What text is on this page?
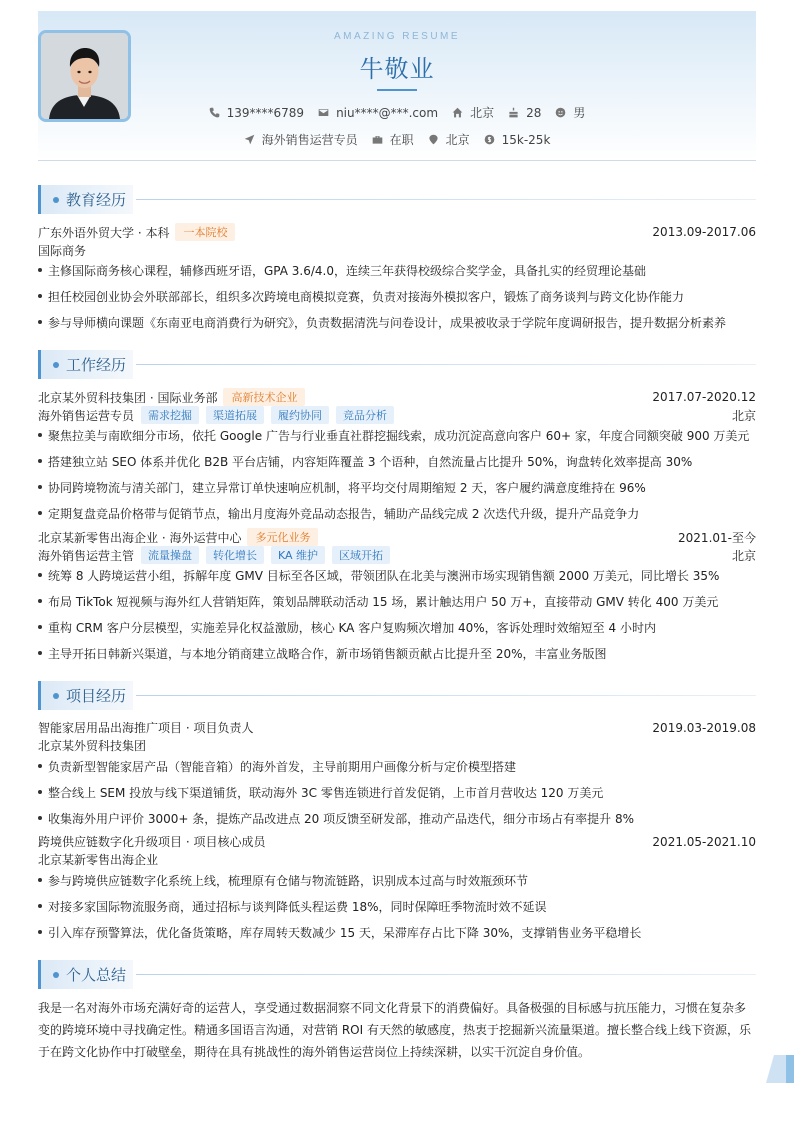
AMAZING RESUME
牛敬业
139****6789	niu****@***.com	北京	28	男
海外销售运营专员	在职	北京	15k-25k
教育经历
广东外语外贸大学 · 本科	一本院校	2013.09-2017.06
国际商务
主修国际商务核心课程，辅修西班牙语，GPA 3.6/4.0，连续三年获得校级综合奖学金，具备扎实的经贸理论基础
担任校园创业协会外联部部长，组织多次跨境电商模拟竞赛，负责对接海外模拟客户，锻炼了商务谈判与跨文化协作能力
参与导师横向课题《东南亚电商消费行为研究》，负责数据清洗与问卷设计，成果被收录于学院年度调研报告，提升数据分析素养
工作经历
北京某外贸科技集团 · 国际业务部	高新技术企业	2017.07-2020.12
海外销售运营专员	需求挖掘	渠道拓展	履约协同	竞品分析	北京
聚焦拉美与南欧细分市场，依托 Google 广告与行业垂直社群挖掘线索，成功沉淀高意向客户 60+ 家，年度合同额突破 900 万美元
搭建独立站 SEO 体系并优化 B2B 平台店铺，内容矩阵覆盖 3 个语种，自然流量占比提升 50%，询盘转化效率提高 30%
协同跨境物流与清关部门，建立异常订单快速响应机制，将平均交付周期缩短 2 天，客户履约满意度维持在 96%
定期复盘竞品价格带与促销节点，输出月度海外竞品动态报告，辅助产品线完成 2 次迭代升级，提升产品竞争力
北京某新零售出海企业 · 海外运营中心	多元化业务	2021.01-至今
海外销售运营主管	流量操盘	转化增长	KA 维护	区域开拓	北京
统筹 8 人跨境运营小组，拆解年度 GMV 目标至各区域，带领团队在北美与澳洲市场实现销售额 2000 万美元，同比增长 35%
布局 TikTok 短视频与海外红人营销矩阵，策划品牌联动活动 15 场，累计触达用户 50 万+，直接带动 GMV 转化 400 万美元
重构 CRM 客户分层模型，实施差异化权益激励，核心 KA 客户复购频次增加 40%，客诉处理时效缩短至 4 小时内
主导开拓日韩新兴渠道，与本地分销商建立战略合作，新市场销售额贡献占比提升至 20%，丰富业务版图
项目经历
智能家居用品出海推广项目 · 项目负责人	2019.03-2019.08
北京某外贸科技集团
负责新型智能家居产品（智能音箱）的海外首发，主导前期用户画像分析与定价模型搭建
整合线上 SEM 投放与线下渠道铺货，联动海外 3C 零售连锁进行首发促销，上市首月营收达 120 万美元
收集海外用户评价 3000+ 条，提炼产品改进点 20 项反馈至研发部，推动产品迭代，细分市场占有率提升 8%
跨境供应链数字化升级项目 · 项目核心成员	2021.05-2021.10
北京某新零售出海企业
参与跨境供应链数字化系统上线，梳理原有仓储与物流链路，识别成本过高与时效瓶颈环节
对接多家国际物流服务商，通过招标与谈判降低头程运费 18%，同时保障旺季物流时效不延误
引入库存预警算法，优化备货策略，库存周转天数减少 15 天，呆滞库存占比下降 30%，支撑销售业务平稳增长
个人总结
我是一名对海外市场充满好奇的运营人，享受通过数据洞察不同文化背景下的消费偏好。具备极强的目标感与抗压能力，习惯在复杂多变的跨境环境中寻找确定性。精通多国语言沟通，对营销 ROI 有天然的敏感度，热衷于挖掘新兴流量渠道。擅长整合线上线下资源，乐于在跨文化协作中打破壁垒，期待在具有挑战性的海外销售运营岗位上持续深耕，以实干沉淀自身价值。
